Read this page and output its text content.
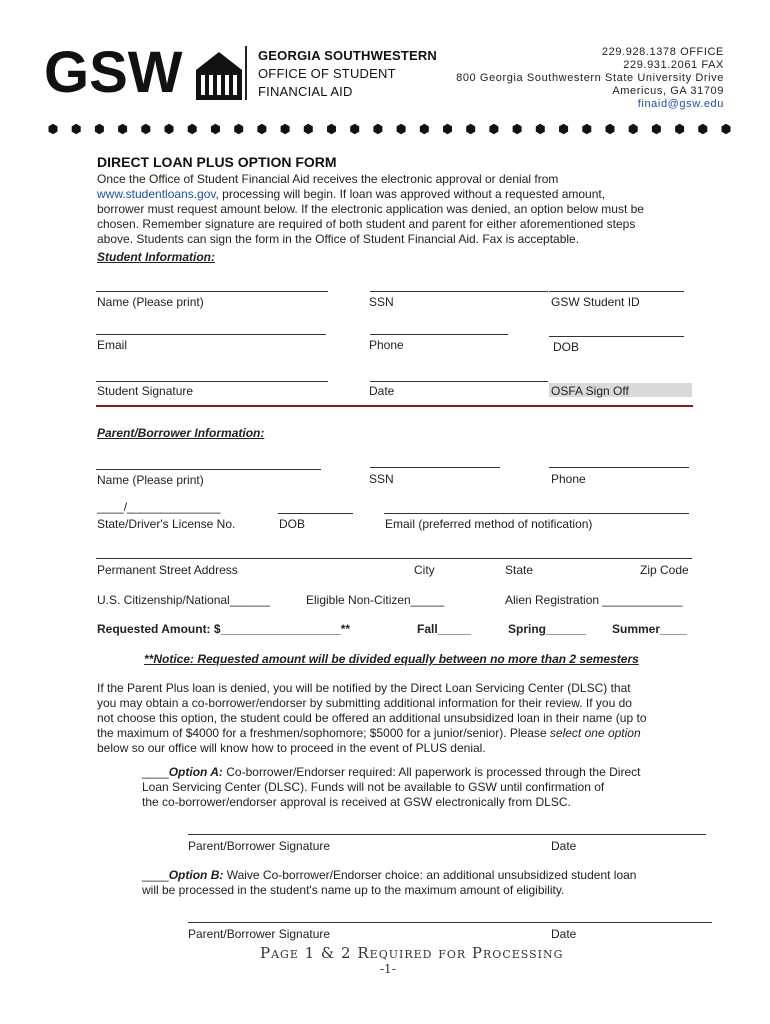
GSW	GEORGIA SOUTHWESTERN
OFFICE OF STUDENT
FINANCIAL AID
229.928.1378 OFFICE
229.931.2061 FAX
800 Georgia Southwestern State University Drive
Americus, GA 31709
finaid@gsw.edu
DIRECT LOAN PLUS OPTION FORM
Once the Office of Student Financial Aid receives the electronic approval or denial from
www.studentloans.gov, processing will begin. If loan was approved without a requested amount,
borrower must request amount below. If the electronic application was denied, an option below must be
chosen. Remember signature are required of both student and parent for either aforementioned steps
above. Students can sign the form in the Office of Student Financial Aid. Fax is acceptable.
Student Information:
Name (Please print)	SSN	GSW Student ID
Email	Phone	DOB
Student Signature	Date	OSFA Sign Off
Parent/Borrower Information:
Name (Please print)	SSN	Phone
____/______________
State/Driver's License No.	DOB	Email (preferred method of notification)
Permanent Street Address	City	State	Zip Code
U.S. Citizenship/National______	Eligible Non-Citizen_____	Alien Registration ____________
Requested Amount: $__________________**	Fall_____	Spring______ Summer____
**Notice: Requested amount will be divided equally between no more than 2 semesters
If the Parent Plus loan is denied, you will be notified by the Direct Loan Servicing Center (DLSC) that
you may obtain a co-borrower/endorser by submitting additional information for their review. If you do
not choose this option, the student could be offered an additional unsubsidized loan in their name (up to
the maximum of $4000 for a freshmen/sophomore; $5000 for a junior/senior). Please select one option
below so our office will know how to proceed in the event of PLUS denial.
____Option A: Co-borrower/Endorser required: All paperwork is processed through the Direct
Loan Servicing Center (DLSC). Funds will not be available to GSW until confirmation of
the co-borrower/endorser approval is received at GSW electronically from DLSC.
Parent/Borrower Signature	Date
____Option B: Waive Co-borrower/Endorser choice: an additional unsubsidized student loan
will be processed in the student's name up to the maximum amount of eligibility.
Parent/Borrower Signature	Date
Page 1 & 2 Required for Processing
-1-
